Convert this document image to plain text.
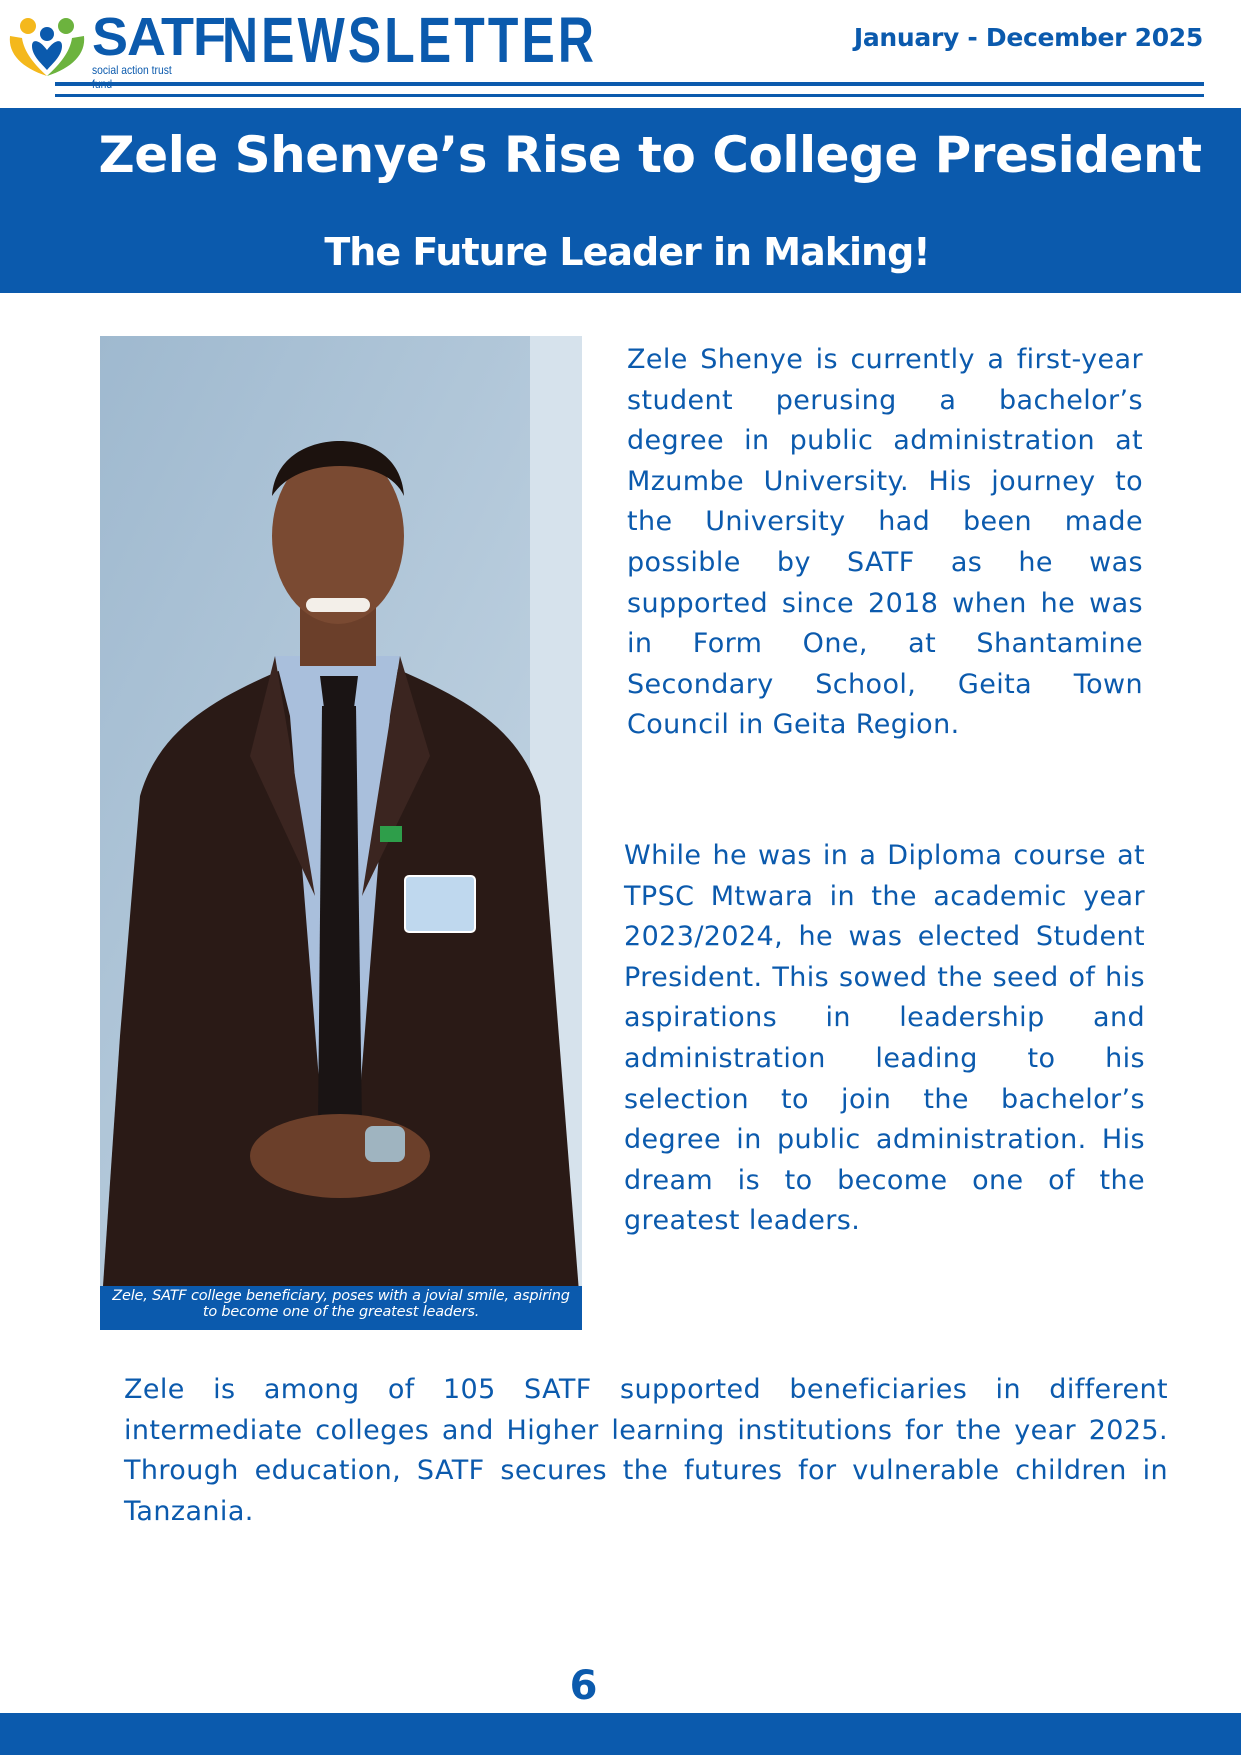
SATF
social action trust NEWSLETTER	January - December 2025
Zele Shenye’s Rise to College President
The Future Leader in Making!
Zele, SATF college beneficiary, poses with a jovial smile, aspiring to become one of the greatest leaders.
Zele Shenye is currently a first-year student perusing a bachelor’s degree in public administration at Mzumbe University. His journey to the University had been made possible by SATF as he was supported since 2018 when he was in Form One, at Shantamine Secondary School, Geita Town Council in Geita Region.
While he was in a Diploma course at TPSC Mtwara in the academic year 2023/2024, he was elected Student President. This sowed the seed of his aspirations in leadership and administration leading to his selection to join the bachelor’s degree in public administration. His dream is to become one of the greatest leaders.
Zele is among of 105 SATF supported beneficiaries in different intermediate colleges and Higher learning institutions for the year 2025. Through education, SATF secures the futures for vulnerable children in Tanzania.
6
